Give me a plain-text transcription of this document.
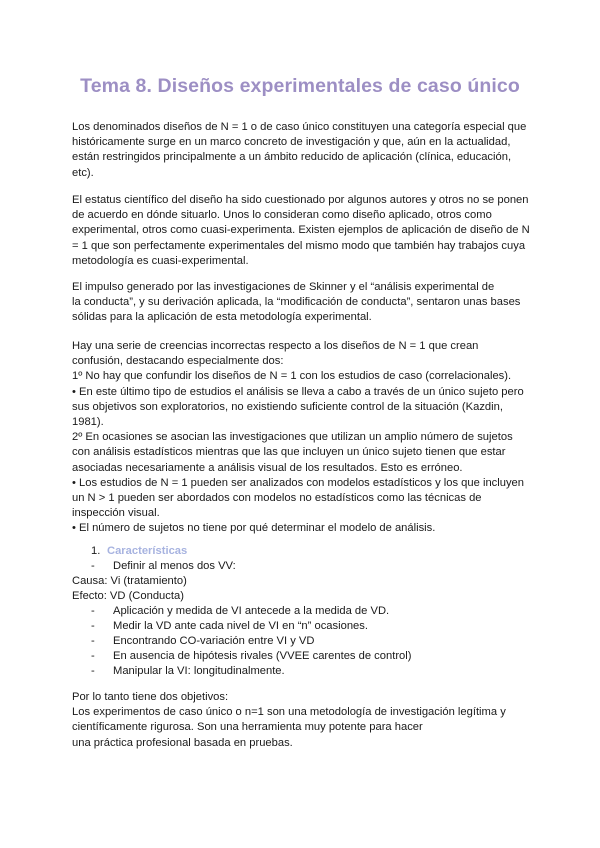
Tema 8. Diseños experimentales de caso único

Los denominados diseños de N = 1 o de caso único constituyen una categoría especial que
históricamente surge en un marco concreto de investigación y que, aún en la actualidad,
están restringidos principalmente a un ámbito reducido de aplicación (clínica, educación,
etc).

El estatus científico del diseño ha sido cuestionado por algunos autores y otros no se ponen
de acuerdo en dónde situarlo. Unos lo consideran como diseño aplicado, otros como
experimental, otros como cuasi-experimenta. Existen ejemplos de aplicación de diseño de N
= 1 que son perfectamente experimentales del mismo modo que también hay trabajos cuya
metodología es cuasi-experimental.

El impulso generado por las investigaciones de Skinner y el “análisis experimental de
la conducta”, y su derivación aplicada, la “modificación de conducta”, sentaron unas bases
sólidas para la aplicación de esta metodología experimental.

Hay una serie de creencias incorrectas respecto a los diseños de N = 1 que crean
confusión, destacando especialmente dos:
1º No hay que confundir los diseños de N = 1 con los estudios de caso (correlacionales).
• En este último tipo de estudios el análisis se lleva a cabo a través de un único sujeto pero
sus objetivos son exploratorios, no existiendo suficiente control de la situación (Kazdin,
1981).
2º En ocasiones se asocian las investigaciones que utilizan un amplio número de sujetos
con análisis estadísticos mientras que las que incluyen un único sujeto tienen que estar
asociadas necesariamente a análisis visual de los resultados. Esto es erróneo.
• Los estudios de N = 1 pueden ser analizados con modelos estadísticos y los que incluyen
un N > 1 pueden ser abordados con modelos no estadísticos como las técnicas de
inspección visual.
• El número de sujetos no tiene por qué determinar el modelo de análisis.

1. Características

- Definir al menos dos VV:

Causa: Vi (tratamiento)

Efecto: VD (Conducta)

- Aplicación y medida de VI antecede a la medida de VD.

- Medir la VD ante cada nivel de VI en “n” ocasiones.

- Encontrando CO-variación entre VI y VD

- En ausencia de hipótesis rivales (VVEE carentes de control)

- Manipular la VI: longitudinalmente.

Por lo tanto tiene dos objetivos:
Los experimentos de caso único o n=1 son una metodología de investigación legítima y
científicamente rigurosa. Son una herramienta muy potente para hacer
una práctica profesional basada en pruebas.
